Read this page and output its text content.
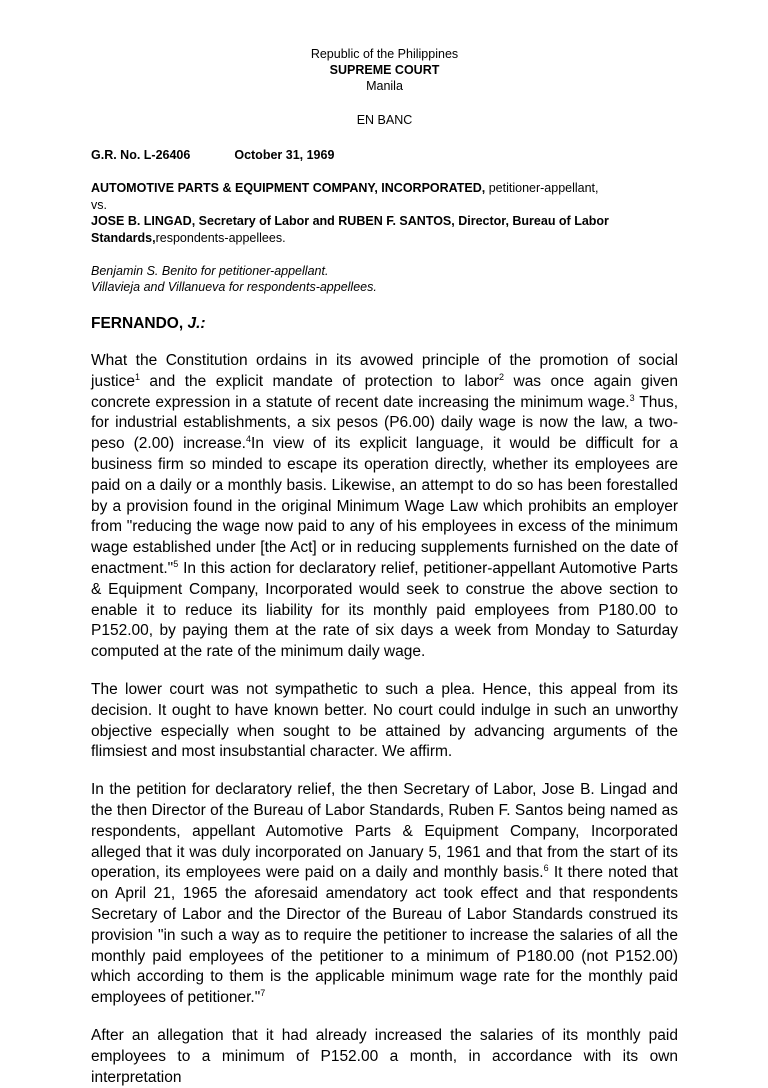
Republic of the Philippines
SUPREME COURT
Manila
EN BANC
G.R. No. L-26406	October 31, 1969
AUTOMOTIVE PARTS & EQUIPMENT COMPANY, INCORPORATED, petitioner-appellant,
vs.
JOSE B. LINGAD, Secretary of Labor and RUBEN F. SANTOS, Director, Bureau of Labor Standards,respondents-appellees.
Benjamin S. Benito for petitioner-appellant.
Villavieja and Villanueva for respondents-appellees.
FERNANDO, J.:
What the Constitution ordains in its avowed principle of the promotion of social justice$^1$ and the explicit mandate of protection to labor$^2$ was once again given concrete expression in a statute of recent date increasing the minimum wage.$^3$ Thus, for industrial establishments, a six pesos (P6.00) daily wage is now the law, a two-peso (2.00) increase.$^4$In view of its explicit language, it would be difficult for a business firm so minded to escape its operation directly, whether its employees are paid on a daily or a monthly basis. Likewise, an attempt to do so has been forestalled by a provision found in the original Minimum Wage Law which prohibits an employer from "reducing the wage now paid to any of his employees in excess of the minimum wage established under [the Act] or in reducing supplements furnished on the date of enactment."$^5$ In this action for declaratory relief, petitioner-appellant Automotive Parts & Equipment Company, Incorporated would seek to construe the above section to enable it to reduce its liability for its monthly paid employees from P180.00 to P152.00, by paying them at the rate of six days a week from Monday to Saturday computed at the rate of the minimum daily wage.
The lower court was not sympathetic to such a plea. Hence, this appeal from its decision. It ought to have known better. No court could indulge in such an unworthy objective especially when sought to be attained by advancing arguments of the flimsiest and most insubstantial character. We affirm.
In the petition for declaratory relief, the then Secretary of Labor, Jose B. Lingad and the then Director of the Bureau of Labor Standards, Ruben F. Santos being named as respondents, appellant Automotive Parts & Equipment Company, Incorporated alleged that it was duly incorporated on January 5, 1961 and that from the start of its operation, its employees were paid on a daily and monthly basis.$^6$ It there noted that on April 21, 1965 the aforesaid amendatory act took effect and that respondents Secretary of Labor and the Director of the Bureau of Labor Standards construed its provision "in such a way as to require the petitioner to increase the salaries of all the monthly paid employees of the petitioner to a minimum of P180.00 (not P152.00) which according to them is the applicable minimum wage rate for the monthly paid employees of petitioner."$^7$
After an allegation that it had already increased the salaries of its monthly paid employees to a minimum of P152.00 a month, in accordance with its own interpretation
